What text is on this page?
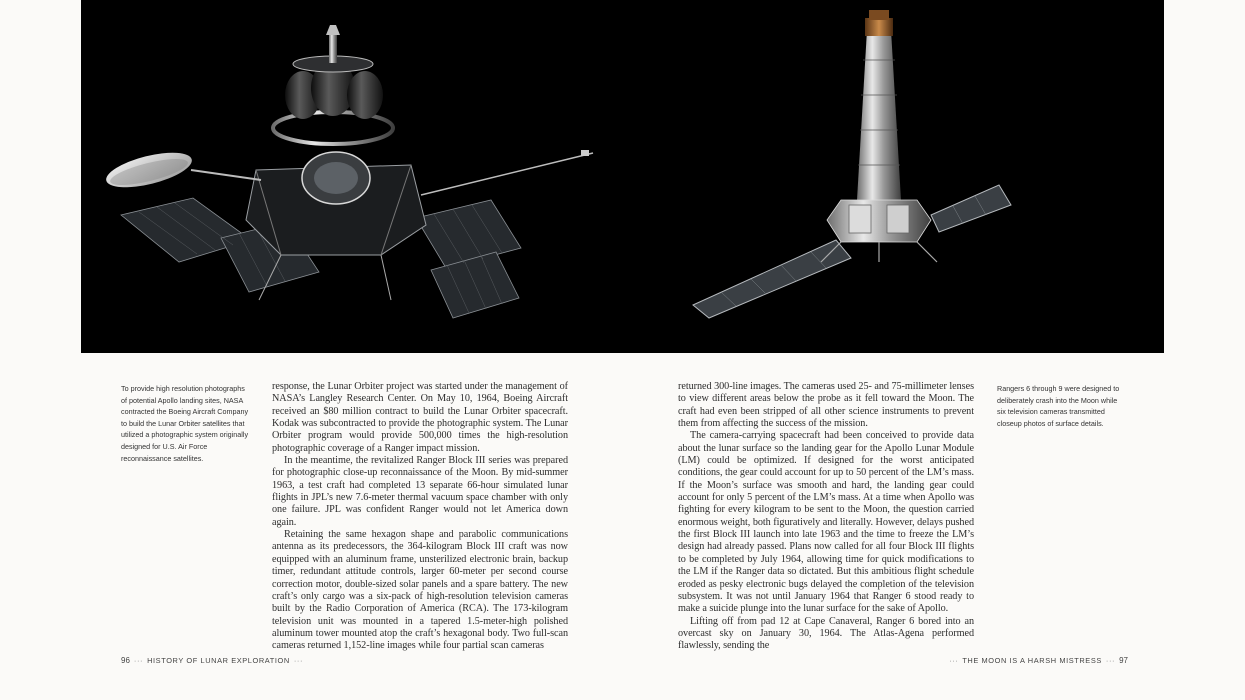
To provide high resolution photographs of potential Apollo landing sites, NASA contracted the Boeing Aircraft Company to build the Lunar Orbiter satellites that utilized a photographic system originally designed for U.S. Air Force reconnaissance satellites.

response, the Lunar Orbiter project was started under the management of NASA’s Langley Research Center. On May 10, 1964, Boeing Aircraft received an $80 million contract to build the Lunar Orbiter spacecraft. Kodak was subcontracted to provide the photographic system. The Lunar Orbiter program would provide 500,000 times the high-resolution photographic coverage of a Ranger impact mission.

In the meantime, the revitalized Ranger Block III series was prepared for photographic close-up reconnaissance of the Moon. By mid-summer 1963, a test craft had completed 13 separate 66-hour simulated lunar flights in JPL’s new 7.6-meter thermal vacuum space chamber with only one failure. JPL was confident Ranger would not let America down again.

Retaining the same hexagon shape and parabolic communications antenna as its predecessors, the 364-kilogram Block III craft was now equipped with an aluminum frame, unsterilized electronic brain, backup timer, redundant attitude controls, larger 60-meter per second course correction motor, double-sized solar panels and a spare battery. The new craft’s only cargo was a six-pack of high-resolution television cameras built by the Radio Corporation of America (RCA). The 173-kilogram television unit was mounted in a tapered 1.5-meter-high polished aluminum tower mounted atop the craft’s hexagonal body. Two full-scan cameras returned 1,152-line images while four partial scan cameras

returned 300-line images. The cameras used 25- and 75-millimeter lenses to view different areas below the probe as it fell toward the Moon. The craft had even been stripped of all other science instruments to prevent them from affecting the success of the mission.

The camera-carrying spacecraft had been conceived to provide data about the lunar surface so the landing gear for the Apollo Lunar Module (LM) could be optimized. If designed for the worst anticipated conditions, the gear could account for up to 50 percent of the LM’s mass. If the Moon’s surface was smooth and hard, the landing gear could account for only 5 percent of the LM’s mass. At a time when Apollo was fighting for every kilogram to be sent to the Moon, the question carried enormous weight, both figuratively and literally. However, delays pushed the first Block III launch into late 1963 and the time to freeze the LM’s design had already passed. Plans now called for all four Block III flights to be completed by July 1964, allowing time for quick modifications to the LM if the Ranger data so dictated. But this ambitious flight schedule eroded as pesky electronic bugs delayed the completion of the television subsystem. It was not until January 1964 that Ranger 6 stood ready to make a suicide plunge into the lunar surface for the sake of Apollo.

Lifting off from pad 12 at Cape Canaveral, Ranger 6 bored into an overcast sky on January 30, 1964. The Atlas-Agena performed flawlessly, sending the

Rangers 6 through 9 were designed to deliberately crash into the Moon while six television cameras transmitted closeup photos of surface details.

96 ··· HISTORY OF LUNAR EXPLORATION ···	··· THE MOON IS A HARSH MISTRESS ··· 97
